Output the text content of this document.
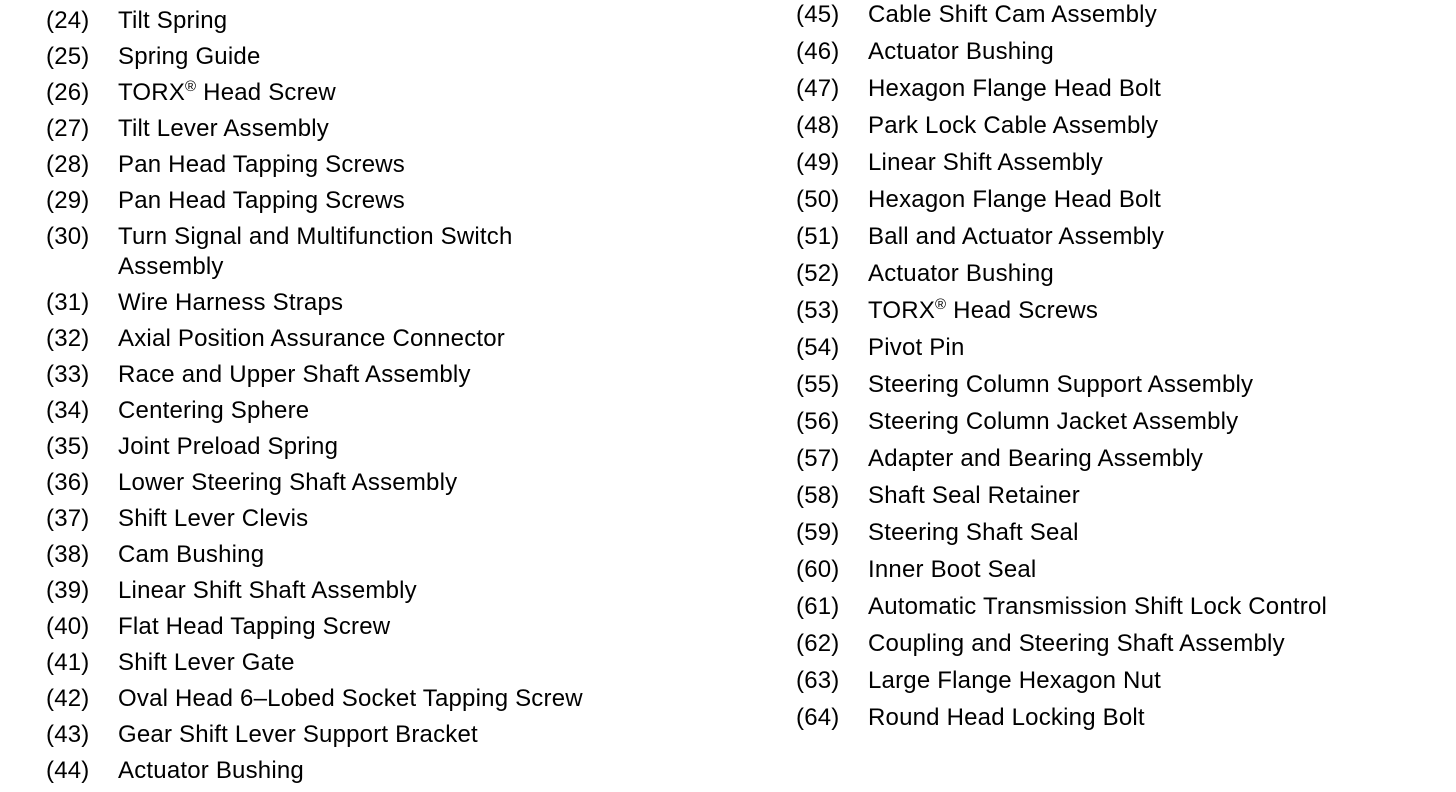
(24)	Tilt Spring
(25)	Spring Guide
(26)	TORX® Head Screw
(27)	Tilt Lever Assembly
(28)	Pan Head Tapping Screws
(29)	Pan Head Tapping Screws
(30)	Turn Signal and Multifunction Switch Assembly
(31)	Wire Harness Straps
(32)	Axial Position Assurance Connector
(33)	Race and Upper Shaft Assembly
(34)	Centering Sphere
(35)	Joint Preload Spring
(36)	Lower Steering Shaft Assembly
(37)	Shift Lever Clevis
(38)	Cam Bushing
(39)	Linear Shift Shaft Assembly
(40)	Flat Head Tapping Screw
(41)	Shift Lever Gate
(42)	Oval Head 6–Lobed Socket Tapping Screw
(43)	Gear Shift Lever Support Bracket
(44)	Actuator Bushing
(45)	Cable Shift Cam Assembly
(46)	Actuator Bushing
(47)	Hexagon Flange Head Bolt
(48)	Park Lock Cable Assembly
(49)	Linear Shift Assembly
(50)	Hexagon Flange Head Bolt
(51)	Ball and Actuator Assembly
(52)	Actuator Bushing
(53)	TORX® Head Screws
(54)	Pivot Pin
(55)	Steering Column Support Assembly
(56)	Steering Column Jacket Assembly
(57)	Adapter and Bearing Assembly
(58)	Shaft Seal Retainer
(59)	Steering Shaft Seal
(60)	Inner Boot Seal
(61)	Automatic Transmission Shift Lock Control
(62)	Coupling and Steering Shaft Assembly
(63)	Large Flange Hexagon Nut
(64)	Round Head Locking Bolt
